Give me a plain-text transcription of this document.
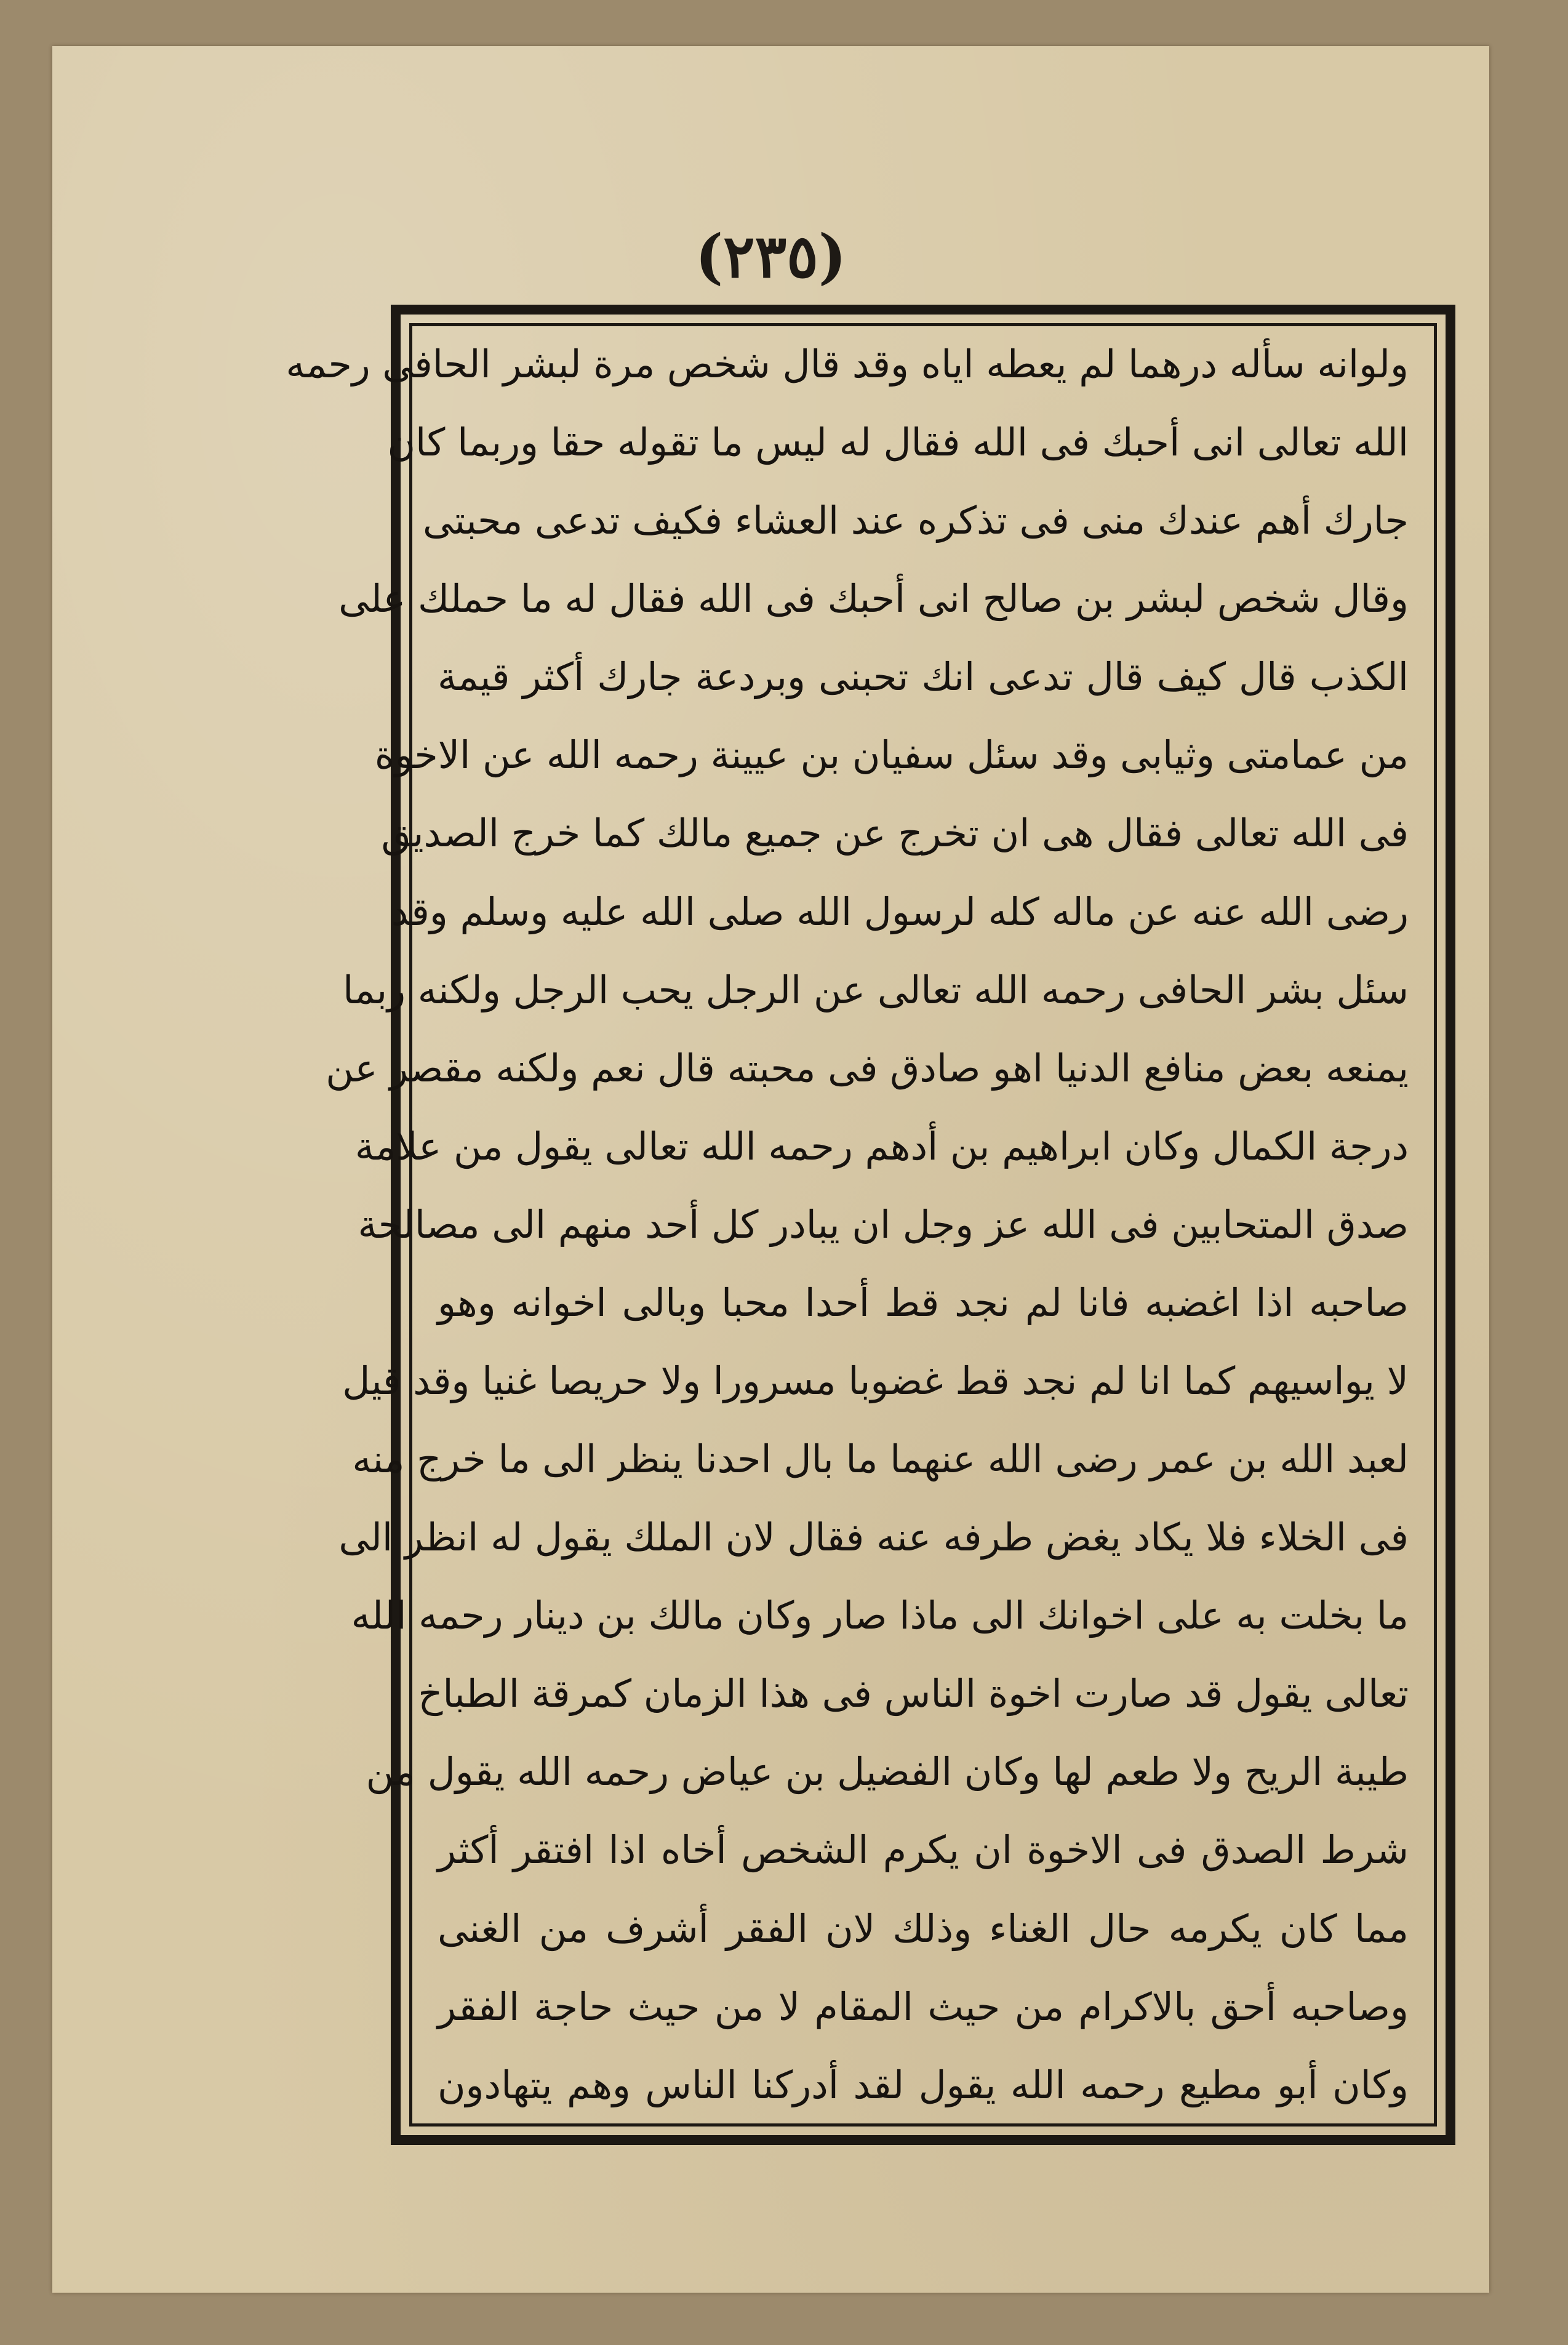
(٢٣٥)
ولوانه سأله درهما لم يعطه اياه وقد قال شخص مرة لبشر الحافى رحمه
الله تعالى انى أحبك فى الله فقال له ليس ما تقوله حقا وربما كان
جارك أهم عندك منى فى تذكره عند العشاء فكيف تدعى محبتى
وقال شخص لبشر بن صالح انى أحبك فى الله فقال له ما حملك على
الكذب قال كيف قال تدعى انك تحبنى وبردعة جارك أكثر قيمة
من عمامتى وثيابى وقد سئل سفيان بن عيينة رحمه الله عن الاخوة
فى الله تعالى فقال هى ان تخرج عن جميع مالك كما خرج الصديق
رضى الله عنه عن ماله كله لرسول الله صلى الله عليه وسلم وقد
سئل بشر الحافى رحمه الله تعالى عن الرجل يحب الرجل ولكنه ربما
يمنعه بعض منافع الدنيا اهو صادق فى محبته قال نعم ولكنه مقصر عن
درجة الكمال وكان ابراهيم بن أدهم رحمه الله تعالى يقول من علامة
صدق المتحابين فى الله عز وجل ان يبادر كل أحد منهم الى مصالحة
صاحبه اذا اغضبه فانا لم نجد قط أحدا محبا وبالى اخوانه وهو
لا يواسيهم كما انا لم نجد قط غضوبا مسرورا ولا حريصا غنيا وقد قيل
لعبد الله بن عمر رضى الله عنهما ما بال احدنا ينظر الى ما خرج منه
فى الخلاء فلا يكاد يغض طرفه عنه فقال لان الملك يقول له انظر الى
ما بخلت به على اخوانك الى ماذا صار وكان مالك بن دينار رحمه الله
تعالى يقول قد صارت اخوة الناس فى هذا الزمان كمرقة الطباخ
طيبة الريح ولا طعم لها وكان الفضيل بن عياض رحمه الله يقول من
شرط الصدق فى الاخوة ان يكرم الشخص أخاه اذا افتقر أكثر
مما كان يكرمه حال الغناء وذلك لان الفقر أشرف من الغنى
وصاحبه أحق بالاكرام من حيث المقام لا من حيث حاجة الفقر
وكان أبو مطيع رحمه الله يقول لقد أدركنا الناس وهم يتهادون
